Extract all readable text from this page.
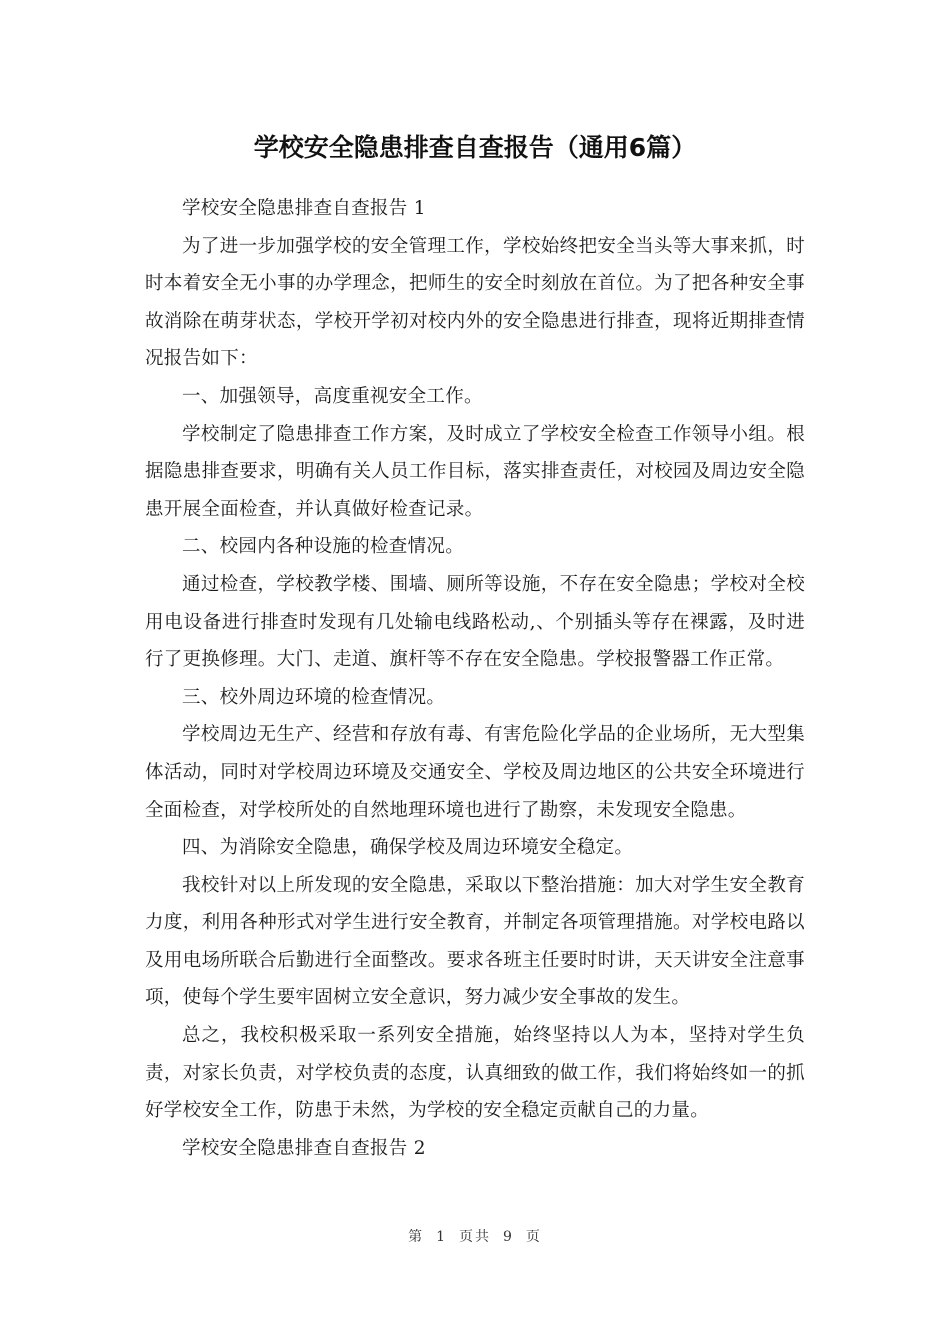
学校安全隐患排查自查报告（通用6篇）

学校安全隐患排查自查报告 1

为了进一步加强学校的安全管理工作，学校始终把安全当头等大事来抓，时时本着安全无小事的办学理念，把师生的安全时刻放在首位。为了把各种安全事故消除在萌芽状态，学校开学初对校内外的安全隐患进行排查，现将近期排查情况报告如下：

一、加强领导，高度重视安全工作。

学校制定了隐患排查工作方案，及时成立了学校安全检查工作领导小组。根据隐患排查要求，明确有关人员工作目标，落实排查责任，对校园及周边安全隐患开展全面检查，并认真做好检查记录。

二、校园内各种设施的检查情况。

通过检查，学校教学楼、围墙、厕所等设施，不存在安全隐患；学校对全校用电设备进行排查时发现有几处输电线路松动,、个别插头等存在裸露，及时进行了更换修理。大门、走道、旗杆等不存在安全隐患。学校报警器工作正常。

三、校外周边环境的检查情况。

学校周边无生产、经营和存放有毒、有害危险化学品的企业场所，无大型集体活动，同时对学校周边环境及交通安全、学校及周边地区的公共安全环境进行全面检查，对学校所处的自然地理环境也进行了勘察，未发现安全隐患。

四、为消除安全隐患，确保学校及周边环境安全稳定。

我校针对以上所发现的安全隐患，采取以下整治措施：加大对学生安全教育力度，利用各种形式对学生进行安全教育，并制定各项管理措施。对学校电路以及用电场所联合后勤进行全面整改。要求各班主任要时时讲，天天讲安全注意事项，使每个学生要牢固树立安全意识，努力减少安全事故的发生。

总之，我校积极采取一系列安全措施，始终坚持以人为本，坚持对学生负责，对家长负责，对学校负责的态度，认真细致的做工作，我们将始终如一的抓好学校安全工作，防患于未然，为学校的安全稳定贡献自己的力量。

学校安全隐患排查自查报告 2

第 1 页共 9 页
